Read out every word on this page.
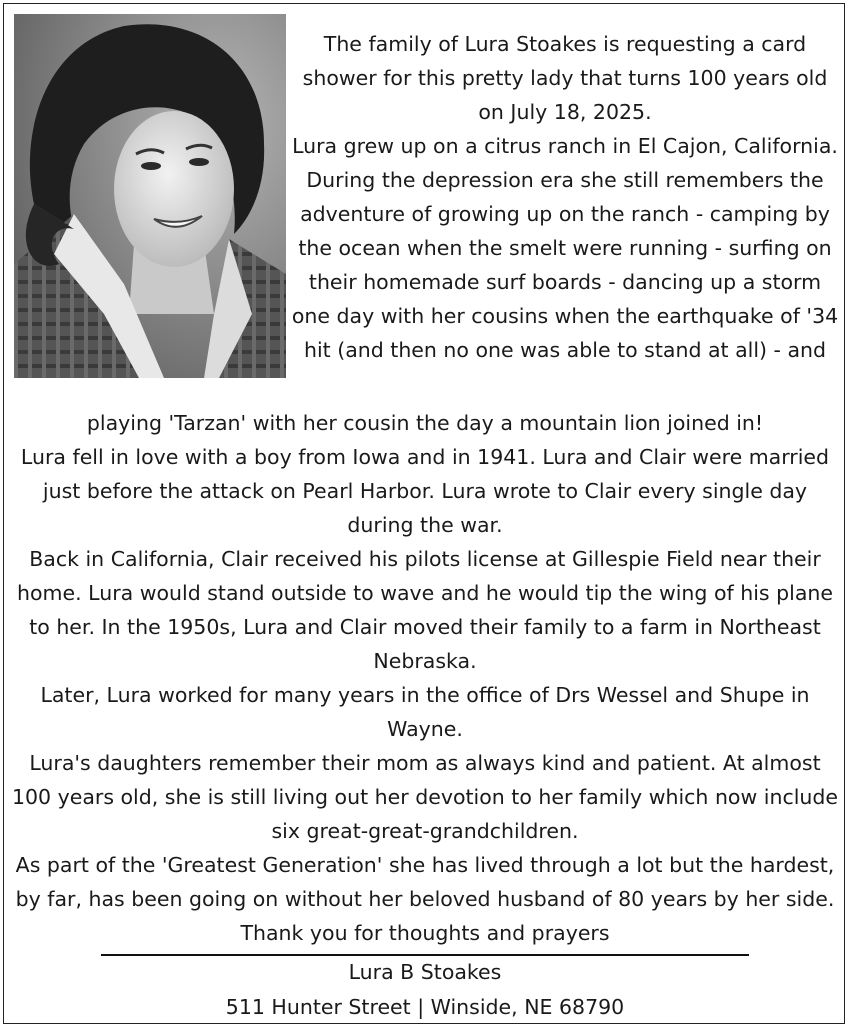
The family of Lura Stoakes is requesting a card shower for this pretty lady that turns 100 years old on July 18, 2025.

Lura grew up on a citrus ranch in El Cajon, California. During the depression era she still remembers the adventure of growing up on the ranch - camping by the ocean when the smelt were running - surfing on their homemade surf boards - dancing up a storm one day with her cousins when the earthquake of '34 hit (and then no one was able to stand at all) - and

playing 'Tarzan' with her cousin the day a mountain lion joined in!

Lura fell in love with a boy from Iowa and in 1941. Lura and Clair were married just before the attack on Pearl Harbor. Lura wrote to Clair every single day during the war.

Back in California, Clair received his pilots license at Gillespie Field near their home. Lura would stand outside to wave and he would tip the wing of his plane to her. In the 1950s, Lura and Clair moved their family to a farm in Northeast Nebraska.

Later, Lura worked for many years in the office of Drs Wessel and Shupe in Wayne.

Lura's daughters remember their mom as always kind and patient. At almost 100 years old, she is still living out her devotion to her family which now include six great-great-grandchildren.

As part of the 'Greatest Generation' she has lived through a lot but the hardest, by far, has been going on without her beloved husband of 80 years by her side. Thank you for thoughts and prayers

Lura B Stoakes
511 Hunter Street | Winside, NE 68790
